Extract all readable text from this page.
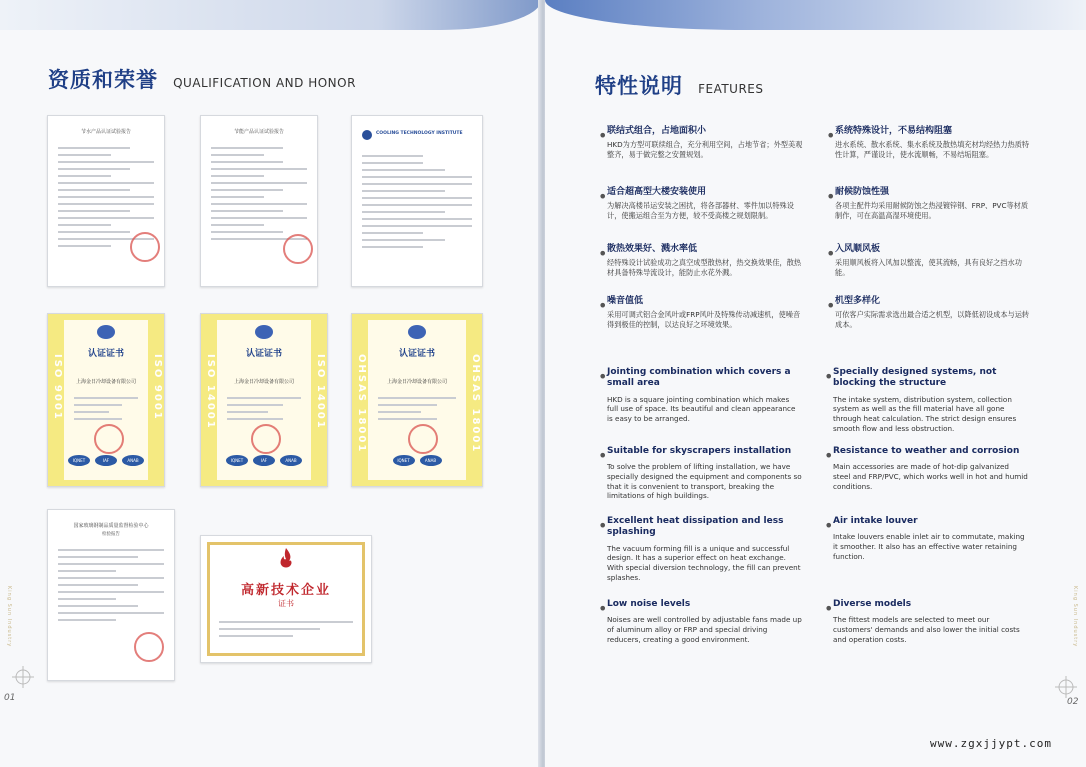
资质和荣誉 QUALIFICATION AND HONOR
节水产品认证试验报告	节能产品认证试验报告	COOLING TECHNOLOGY INSTITUTE
认证证书
上海金日冷却设备有限公司
IQNET	IAF	ANAB
ISO 9001	ISO 9001	认证证书
上海金日冷却设备有限公司
IQNET	IAF	ANAB
ISO 14001	ISO 14001	认证证书
上海金日冷却设备有限公司
IQNET	ANAB
OHSAS 18001	OHSAS 18001
国家玻璃钢制品质量监督检验中心
检验报告
高新技术企业
证书
King Sun Industry
01
特性说明 FEATURES
• 联结式组合，占地面积小
HKD为方型可联续组合，充分利用空间，占地节省；外型美观整齐，易于做完整之安置规划。
• 适合超高型大楼安装使用
为解决高楼吊运安装之困扰，将各部器材、零件加以特殊设计，使搬运组合至为方便，较不受高楼之规划限制。
• 散热效果好、溅水率低
经特殊设计试验成功之真空成型散热材，热交换效果佳，散热材具备特殊导流设计，能防止水花外溅。
• 噪音值低
采用可调式铝合金风叶或FRP风叶及特殊传动减速机，使噪音得到极佳的控制，以达良好之环境效果。
• 系统特殊设计，不易结构阻塞
进水系统、散水系统、集水系统及散热填充材均经热力热质特性计算，严谨设计，使水流顺畅，不易结垢阻塞。
• 耐候防蚀性强
各项主配件均采用耐候防蚀之热浸镀锌钢、FRP、PVC等材质制作，可在高温高湿环境使用。
• 入风顺风板
采用顺风板将入风加以整流，使其流畅，具有良好之挡水功能。
• 机型多样化
可依客户实际需求选出最合适之机型，以降低初设成本与运转成本。
• Jointing combination which covers a small area
HKD is a square jointing combination which makes full use of space. Its beautiful and clean appearance is easy to be arranged.
• Suitable for skyscrapers installation
To solve the problem of lifting installation, we have specially designed the equipment and components so that it is convenient to transport, breaking the limitations of high buildings.
• Excellent heat dissipation and less splashing
The vacuum forming fill is a unique and successful design. It has a superior effect on heat exchange. With special diversion technology, the fill can prevent splashes.
• Low noise levels
Noises are well controlled by adjustable fans made up of aluminum alloy or FRP and special driving reducers, creating a good environment.
• Specially designed systems, not blocking the structure
The intake system, distribution system, collection system as well as the fill material have all gone through heat calculation. The strict design ensures smooth flow and less obstruction.
• Resistance to weather and corrosion
Main accessories are made of hot-dip galvanized steel and FRP/PVC, which works well in hot and humid conditions.
• Air intake louver
Intake louvers enable inlet air to commutate, making it smoother. It also has an effective water retaining function.
• Diverse models
The fittest models are selected to meet our customers' demands and also lower the initial costs and operation costs.	King Sun Industry
02
www.zgxjjypt.com
